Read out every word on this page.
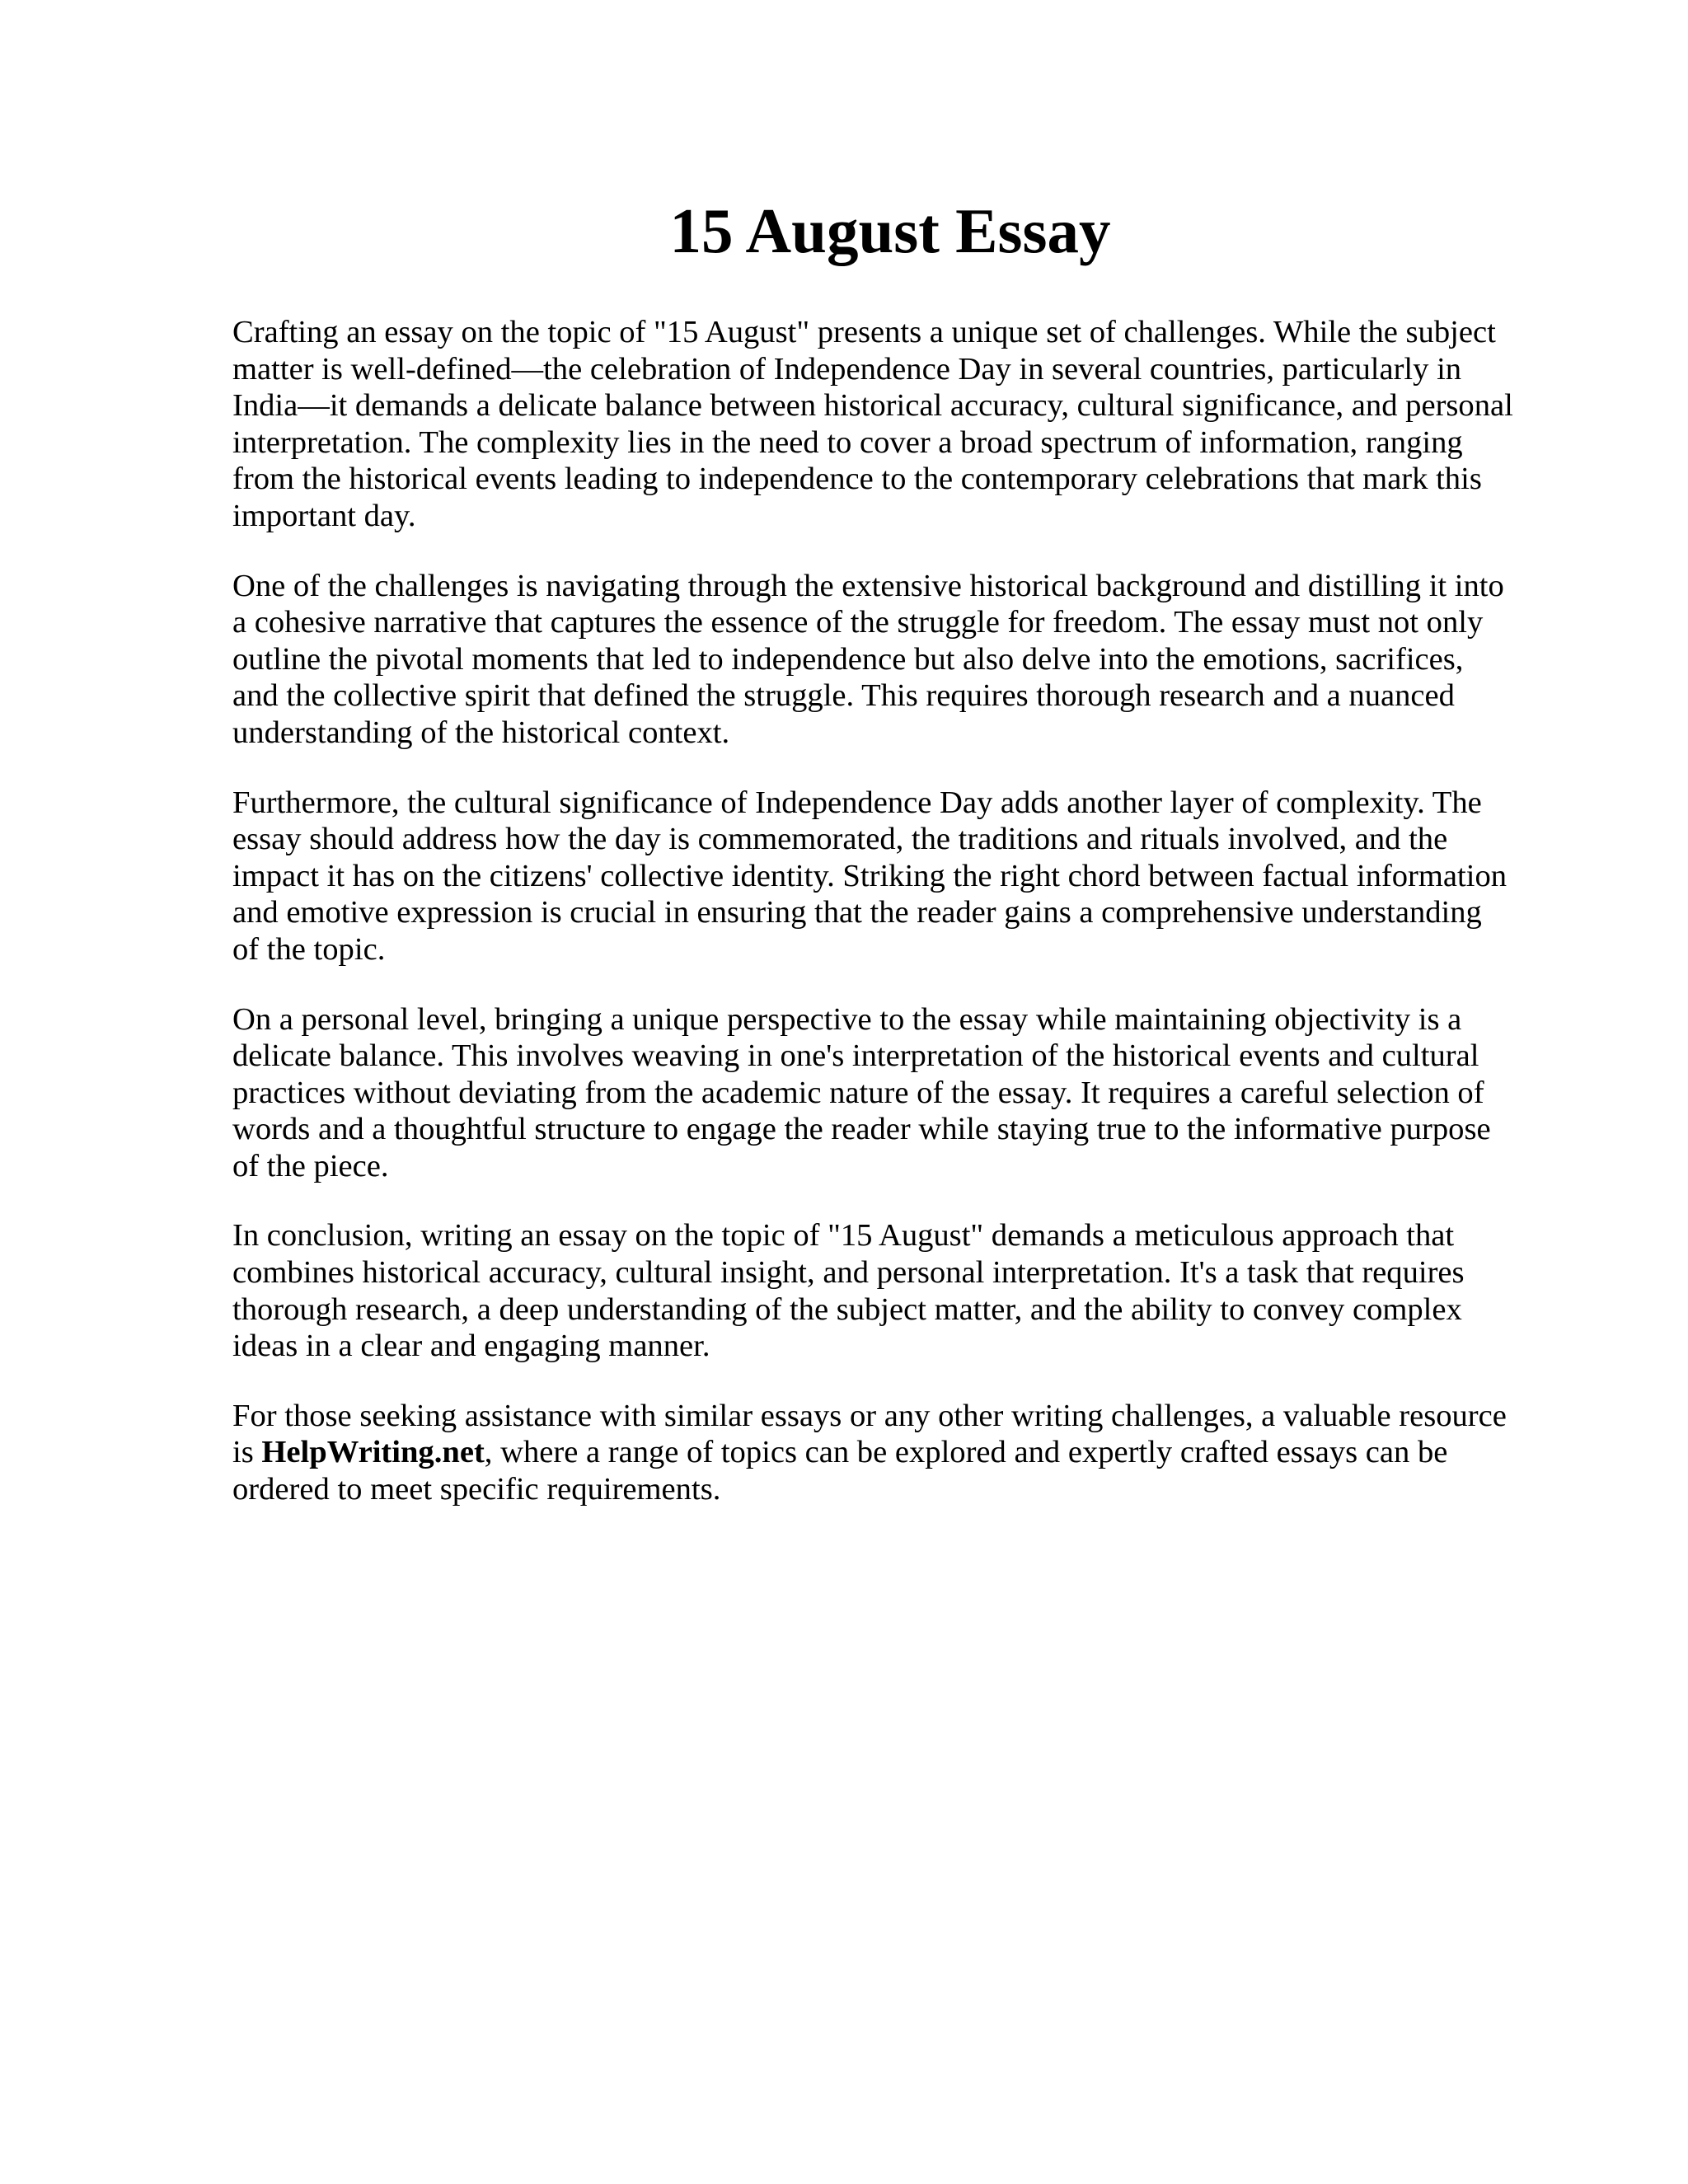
15 August Essay

Crafting an essay on the topic of "15 August" presents a unique set of challenges. While the subject
matter is well-defined—the celebration of Independence Day in several countries, particularly in
India—it demands a delicate balance between historical accuracy, cultural significance, and personal
interpretation. The complexity lies in the need to cover a broad spectrum of information, ranging
from the historical events leading to independence to the contemporary celebrations that mark this
important day.

One of the challenges is navigating through the extensive historical background and distilling it into
a cohesive narrative that captures the essence of the struggle for freedom. The essay must not only
outline the pivotal moments that led to independence but also delve into the emotions, sacrifices,
and the collective spirit that defined the struggle. This requires thorough research and a nuanced
understanding of the historical context.

Furthermore, the cultural significance of Independence Day adds another layer of complexity. The
essay should address how the day is commemorated, the traditions and rituals involved, and the
impact it has on the citizens' collective identity. Striking the right chord between factual information
and emotive expression is crucial in ensuring that the reader gains a comprehensive understanding
of the topic.

On a personal level, bringing a unique perspective to the essay while maintaining objectivity is a
delicate balance. This involves weaving in one's interpretation of the historical events and cultural
practices without deviating from the academic nature of the essay. It requires a careful selection of
words and a thoughtful structure to engage the reader while staying true to the informative purpose
of the piece.

In conclusion, writing an essay on the topic of "15 August" demands a meticulous approach that
combines historical accuracy, cultural insight, and personal interpretation. It's a task that requires
thorough research, a deep understanding of the subject matter, and the ability to convey complex
ideas in a clear and engaging manner.

For those seeking assistance with similar essays or any other writing challenges, a valuable resource
is HelpWriting.net, where a range of topics can be explored and expertly crafted essays can be
ordered to meet specific requirements.
